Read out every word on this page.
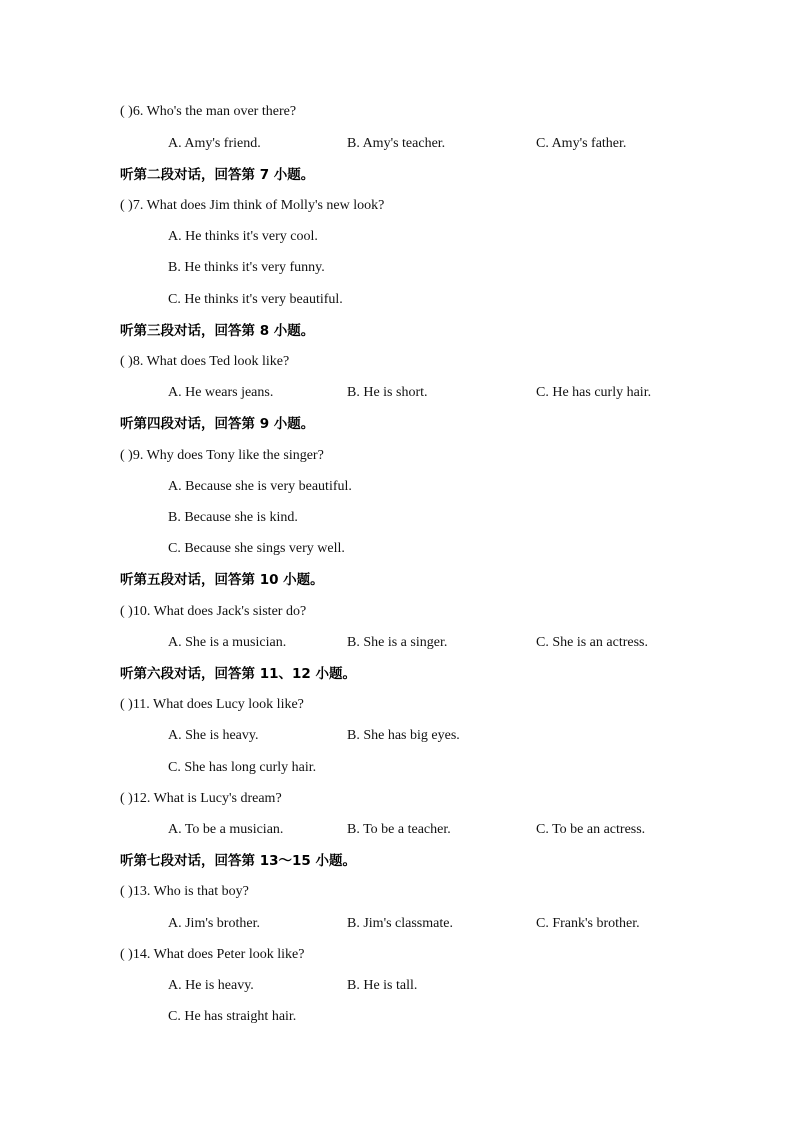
( )6. Who's the man over there?
A. Amy's friend.	B. Amy's teacher.	C. Amy's father.
听第二段对话，回答第 7 小题。
( )7. What does Jim think of Molly's new look?
A. He thinks it's very cool.
B. He thinks it's very funny.
C. He thinks it's very beautiful.
听第三段对话，回答第 8 小题。
( )8. What does Ted look like?
A. He wears jeans.	B. He is short.	C. He has curly hair.
听第四段对话，回答第 9 小题。
( )9. Why does Tony like the singer?
A. Because she is very beautiful.
B. Because she is kind.
C. Because she sings very well.
听第五段对话，回答第 10 小题。
( )10. What does Jack's sister do?
A. She is a musician.	B. She is a singer.	C. She is an actress.
听第六段对话，回答第 11、12 小题。
( )11. What does Lucy look like?
A. She is heavy.	B. She has big eyes.
C. She has long curly hair.
( )12. What is Lucy's dream?
A. To be a musician.	B. To be a teacher.	C. To be an actress.
听第七段对话，回答第 13～15 小题。
( )13. Who is that boy?
A. Jim's brother.	B. Jim's classmate.	C. Frank's brother.
( )14. What does Peter look like?
A. He is heavy.	B. He is tall.
C. He has straight hair.
